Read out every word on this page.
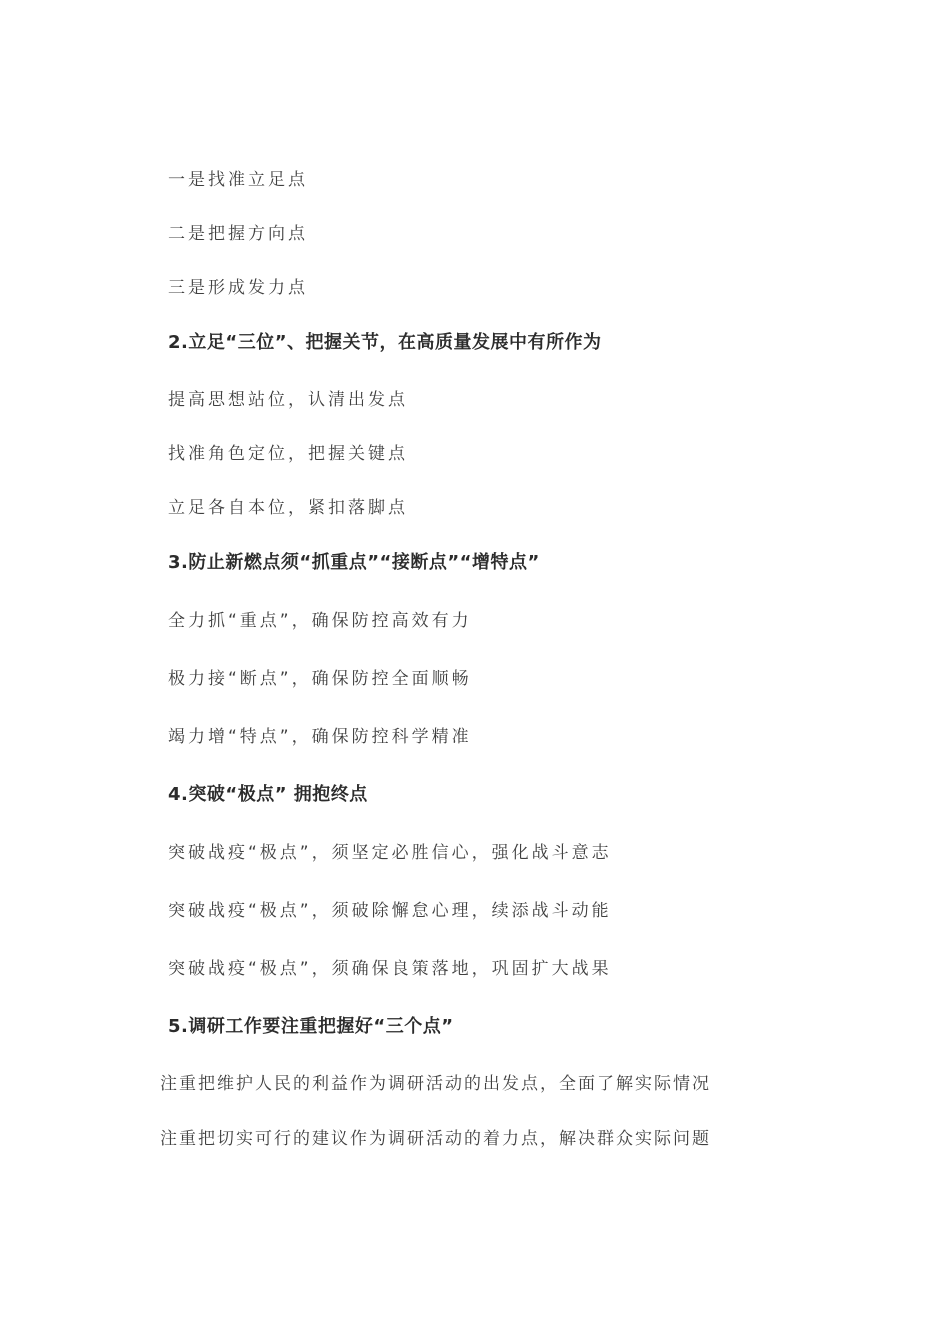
一是找准立足点
二是把握方向点
三是形成发力点
2.立足“三位”、把握关节，在高质量发展中有所作为
提高思想站位，认清出发点
找准角色定位，把握关键点
立足各自本位，紧扣落脚点
3.防止新燃点须“抓重点”“接断点”“增特点”
全力抓“重点”，确保防控高效有力
极力接“断点”，确保防控全面顺畅
竭力增“特点”，确保防控科学精准
4.突破“极点” 拥抱终点
突破战疫“极点”，须坚定必胜信心，强化战斗意志
突破战疫“极点”，须破除懈怠心理，续添战斗动能
突破战疫“极点”，须确保良策落地，巩固扩大战果
5.调研工作要注重把握好“三个点”
注重把维护人民的利益作为调研活动的出发点，全面了解实际情况
注重把切实可行的建议作为调研活动的着力点，解决群众实际问题
